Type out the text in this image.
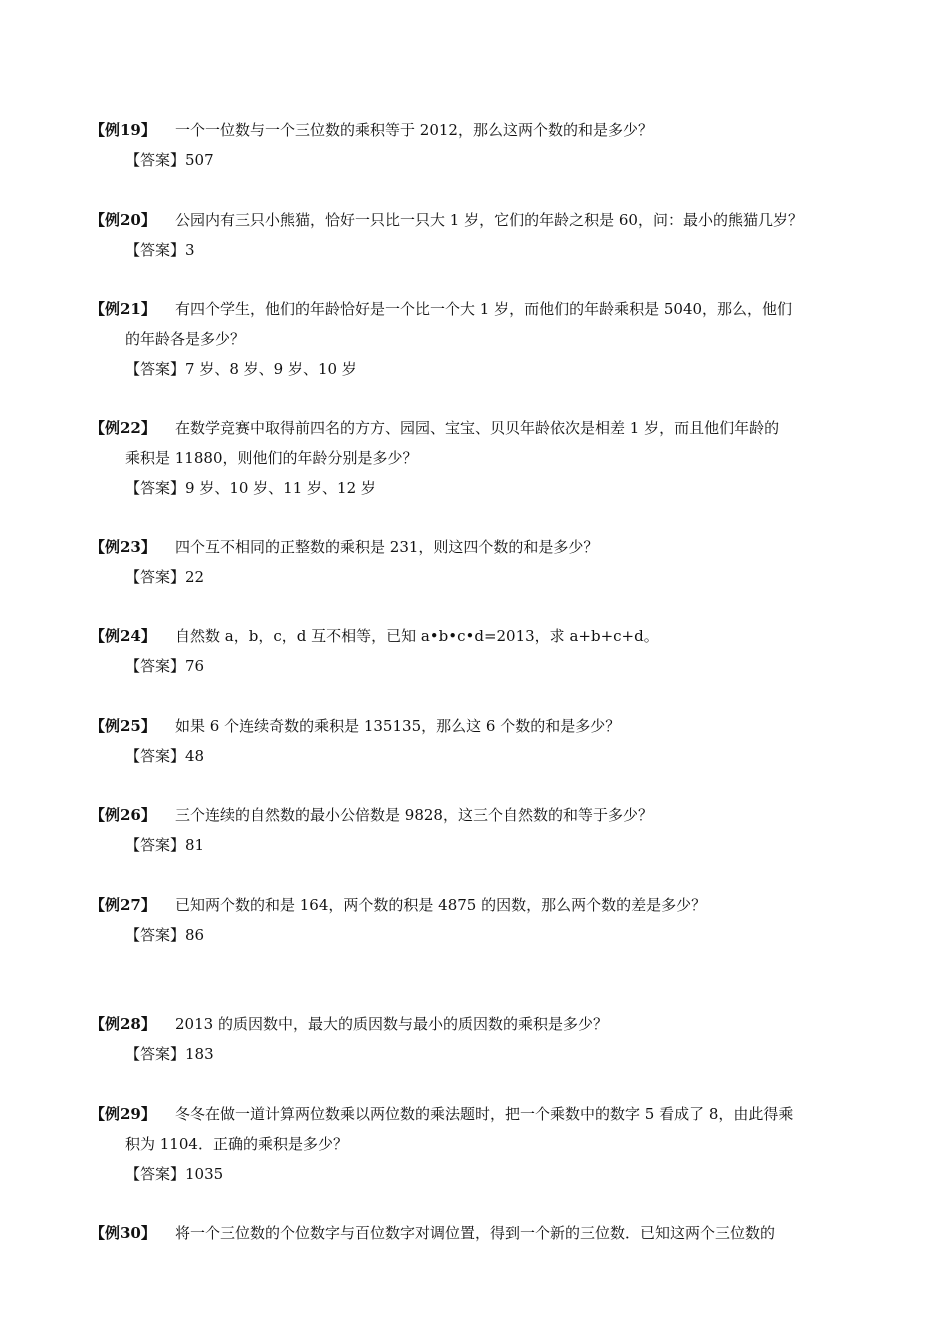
【例19】	一个一位数与一个三位数的乘积等于 2012，那么这两个数的和是多少？
【答案】507
【例20】	公园内有三只小熊猫，恰好一只比一只大 1 岁，它们的年龄之积是 60，问：最小的熊猫几岁？
【答案】3
【例21】	有四个学生，他们的年龄恰好是一个比一个大 1 岁，而他们的年龄乘积是 5040，那么，他们
的年龄各是多少？
【答案】7 岁、8 岁、9 岁、10 岁
【例22】	在数学竞赛中取得前四名的方方、园园、宝宝、贝贝年龄依次是相差 1 岁，而且他们年龄的
乘积是 11880，则他们的年龄分别是多少？
【答案】9 岁、10 岁、11 岁、12 岁
【例23】	四个互不相同的正整数的乘积是 231，则这四个数的和是多少？
【答案】22
【例24】	自然数 a，b，c，d 互不相等，已知 a•b•c•d=2013，求 a+b+c+d。
【答案】76
【例25】	如果 6 个连续奇数的乘积是 135135，那么这 6 个数的和是多少？
【答案】48
【例26】	三个连续的自然数的最小公倍数是 9828，这三个自然数的和等于多少？
【答案】81
【例27】	已知两个数的和是 164，两个数的积是 4875 的因数，那么两个数的差是多少？
【答案】86
【例28】	2013 的质因数中，最大的质因数与最小的质因数的乘积是多少？
【答案】183
【例29】	冬冬在做一道计算两位数乘以两位数的乘法题时，把一个乘数中的数字 5 看成了 8，由此得乘
积为 1104．正确的乘积是多少？
【答案】1035
【例30】	将一个三位数的个位数字与百位数字对调位置，得到一个新的三位数．已知这两个三位数的
